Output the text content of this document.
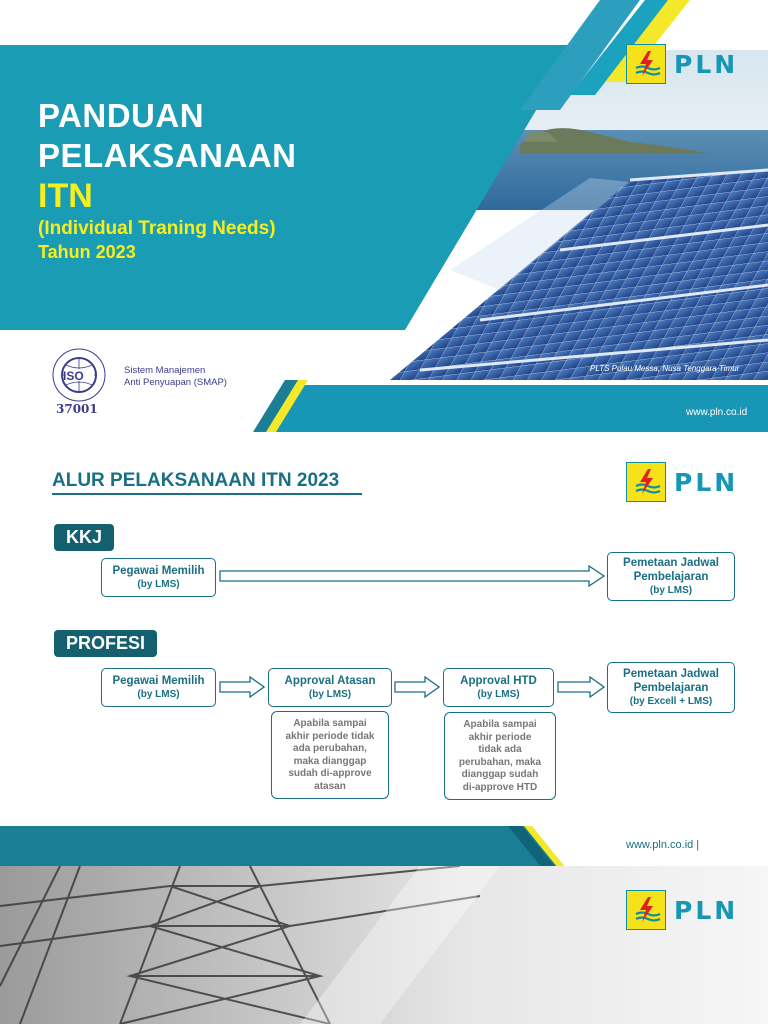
PLN
PANDUAN
PELAKSANAAN
ITN
(Individual Traning Needs)
Tahun 2023
ISO
37001
Sistem Manajemen
Anti Penyuapan (SMAP)
PLTS Pulau Messa, Nusa Tenggara Timur
www.pln.co.id
ALUR PELAKSANAAN ITN 2023	PLN
KKJ
Pegawai Memilih
(by LMS)
Pemetaan Jadwal
Pembelajaran
(by LMS)
PROFESI
Pegawai Memilih
(by LMS)
Approval Atasan
(by LMS)
Approval HTD
(by LMS)
Pemetaan Jadwal
Pembelajaran
(by Excell + LMS)
Apabila sampai
akhir periode tidak
ada perubahan,
maka dianggap
sudah di-approve
atasan
Apabila sampai
akhir periode
tidak ada
perubahan, maka
dianggap sudah
di-approve HTD
www.pln.co.id |
PLN
